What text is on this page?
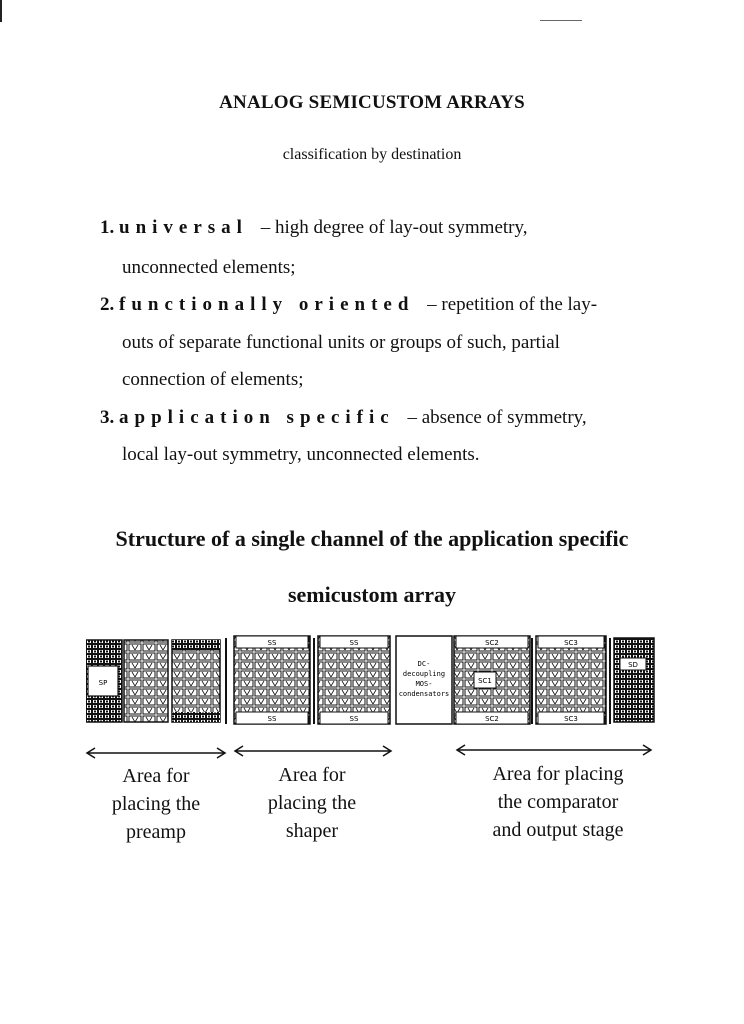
ANALOG SEMICUSTOM ARRAYS
classification by destination
1. universal – high degree of lay-out symmetry,
unconnected elements;
2. functionally oriented – repetition of the lay-
outs of separate functional units or groups of such, partial
connection of elements;
3. application specific – absence of symmetry,
local lay-out symmetry, unconnected elements.
Structure of a single channel of the application specific
semicustom array
SP
SS
SS
SS
SS
DC-
decoupling
MOS-
condensators
SC2
SC2
SC1
SC3
SC3
SD
Area for
placing the
preamp
Area for
placing the
shaper
Area for placing
the comparator
and output stage
